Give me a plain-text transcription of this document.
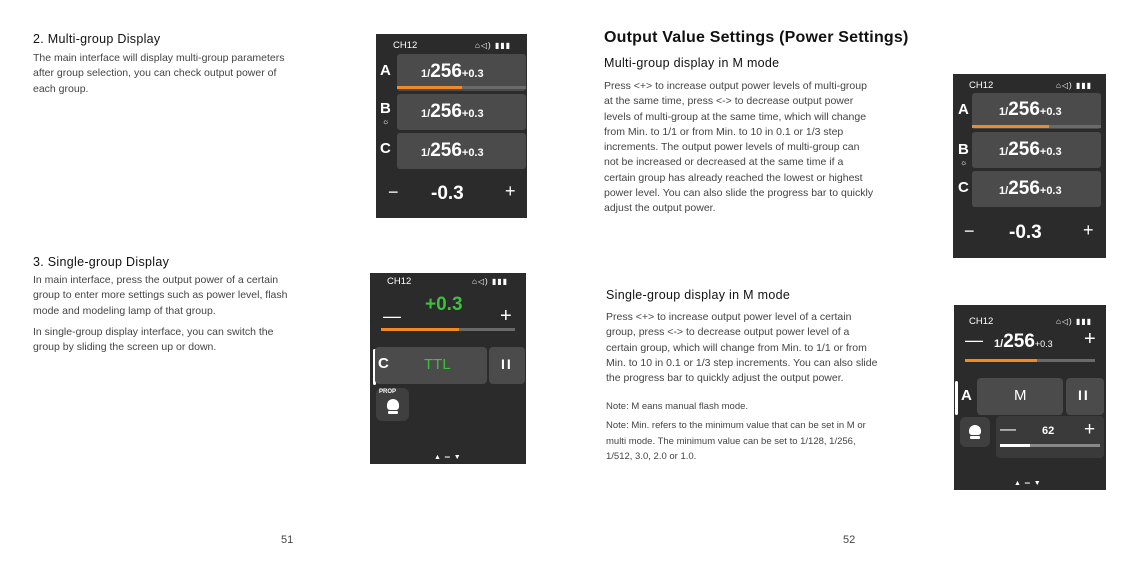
2. Multi-group Display

The main interface will display multi-group parameters

after group selection, you can check output power of

each group.

3. Single-group Display

In main interface, press the output power of a certain

group to enter more settings such as power level, flash

mode and modeling lamp of that group.

In single-group display interface, you can switch the

group by sliding the screen up or down.

51
CH12	⌂◁) ▮▮▮
A	1/256+0.3
B
☼
1/256+0.3
C	1/256+0.3
− -0.3 +
CH12	⌂◁) ▮▮▮
—
+0.3
+
C TTL	II
PROP
▲ ═ ▼
Output Value Settings (Power Settings)
Multi-group display in M mode

Press <+> to increase output power levels of multi-group

at the same time, press <-> to decrease output power

levels of multi-group at the same time, which will change

from Min. to 1/1 or from Min. to 10 in 0.1 or 1/3 step

increments. The output power levels of multi-group can

not be increased or decreased at the same time if a

certain group has already reached the lowest or highest

power level. You can also slide the progress bar to quickly

adjust the output power.

Single-group display in M mode

Press <+> to increase output power level of a certain

group, press <-> to decrease output power level of a

certain group, which will change from Min. to 1/1 or from

Min. to 10 in 0.1 or 1/3 step increments. You can also slide

the progress bar to quickly adjust the output power.

Note: M eans manual flash mode.

Note: Min. refers to the minimum value that can be set in M or

multi mode. The minimum value can be set to 1/128, 1/256,

1/512, 3.0, 2.0 or 1.0.

52
CH12	⌂◁) ▮▮▮
A	1/256+0.3
B
☼
1/256+0.3
C	1/256+0.3
− -0.3 +
CH12	⌂◁) ▮▮▮
— 1/256+0.3 +
A	M	II
— 62 +
▲ ═ ▼
